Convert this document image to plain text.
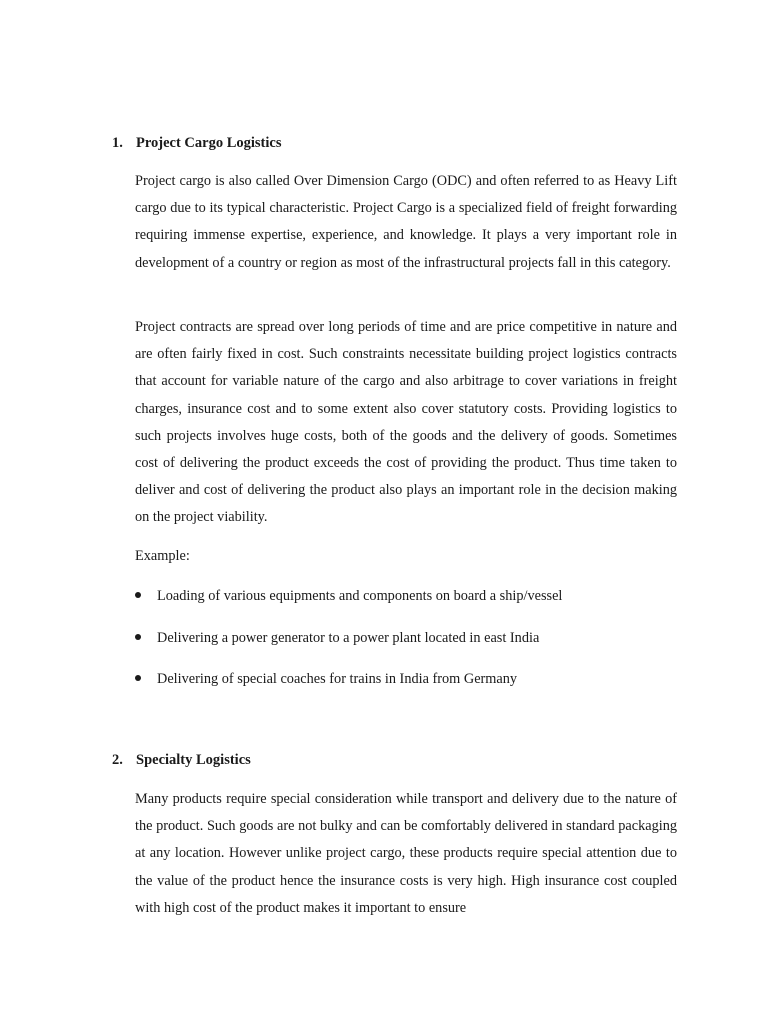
1. Project Cargo Logistics

Project cargo is also called Over Dimension Cargo (ODC) and often referred to as Heavy Lift cargo due to its typical characteristic. Project Cargo is a specialized field of freight forwarding requiring immense expertise, experience, and knowledge. It plays a very important role in development of a country or region as most of the infrastructural projects fall in this category.

Project contracts are spread over long periods of time and are price competitive in nature and are often fairly fixed in cost. Such constraints necessitate building project logistics contracts that account for variable nature of the cargo and also arbitrage to cover variations in freight charges, insurance cost and to some extent also cover statutory costs. Providing logistics to such projects involves huge costs, both of the goods and the delivery of goods. Sometimes cost of delivering the product exceeds the cost of providing the product. Thus time taken to deliver and cost of delivering the product also plays an important role in the decision making on the project viability.

Example:

Loading of various equipments and components on board a ship/vessel
Delivering a power generator to a power plant located in east India
Delivering of special coaches for trains in India from Germany
2. Specialty Logistics

Many products require special consideration while transport and delivery due to the nature of the product. Such goods are not bulky and can be comfortably delivered in standard packaging at any location. However unlike project cargo, these products require special attention due to the value of the product hence the insurance costs is very high. High insurance cost coupled with high cost of the product makes it important to ensure
